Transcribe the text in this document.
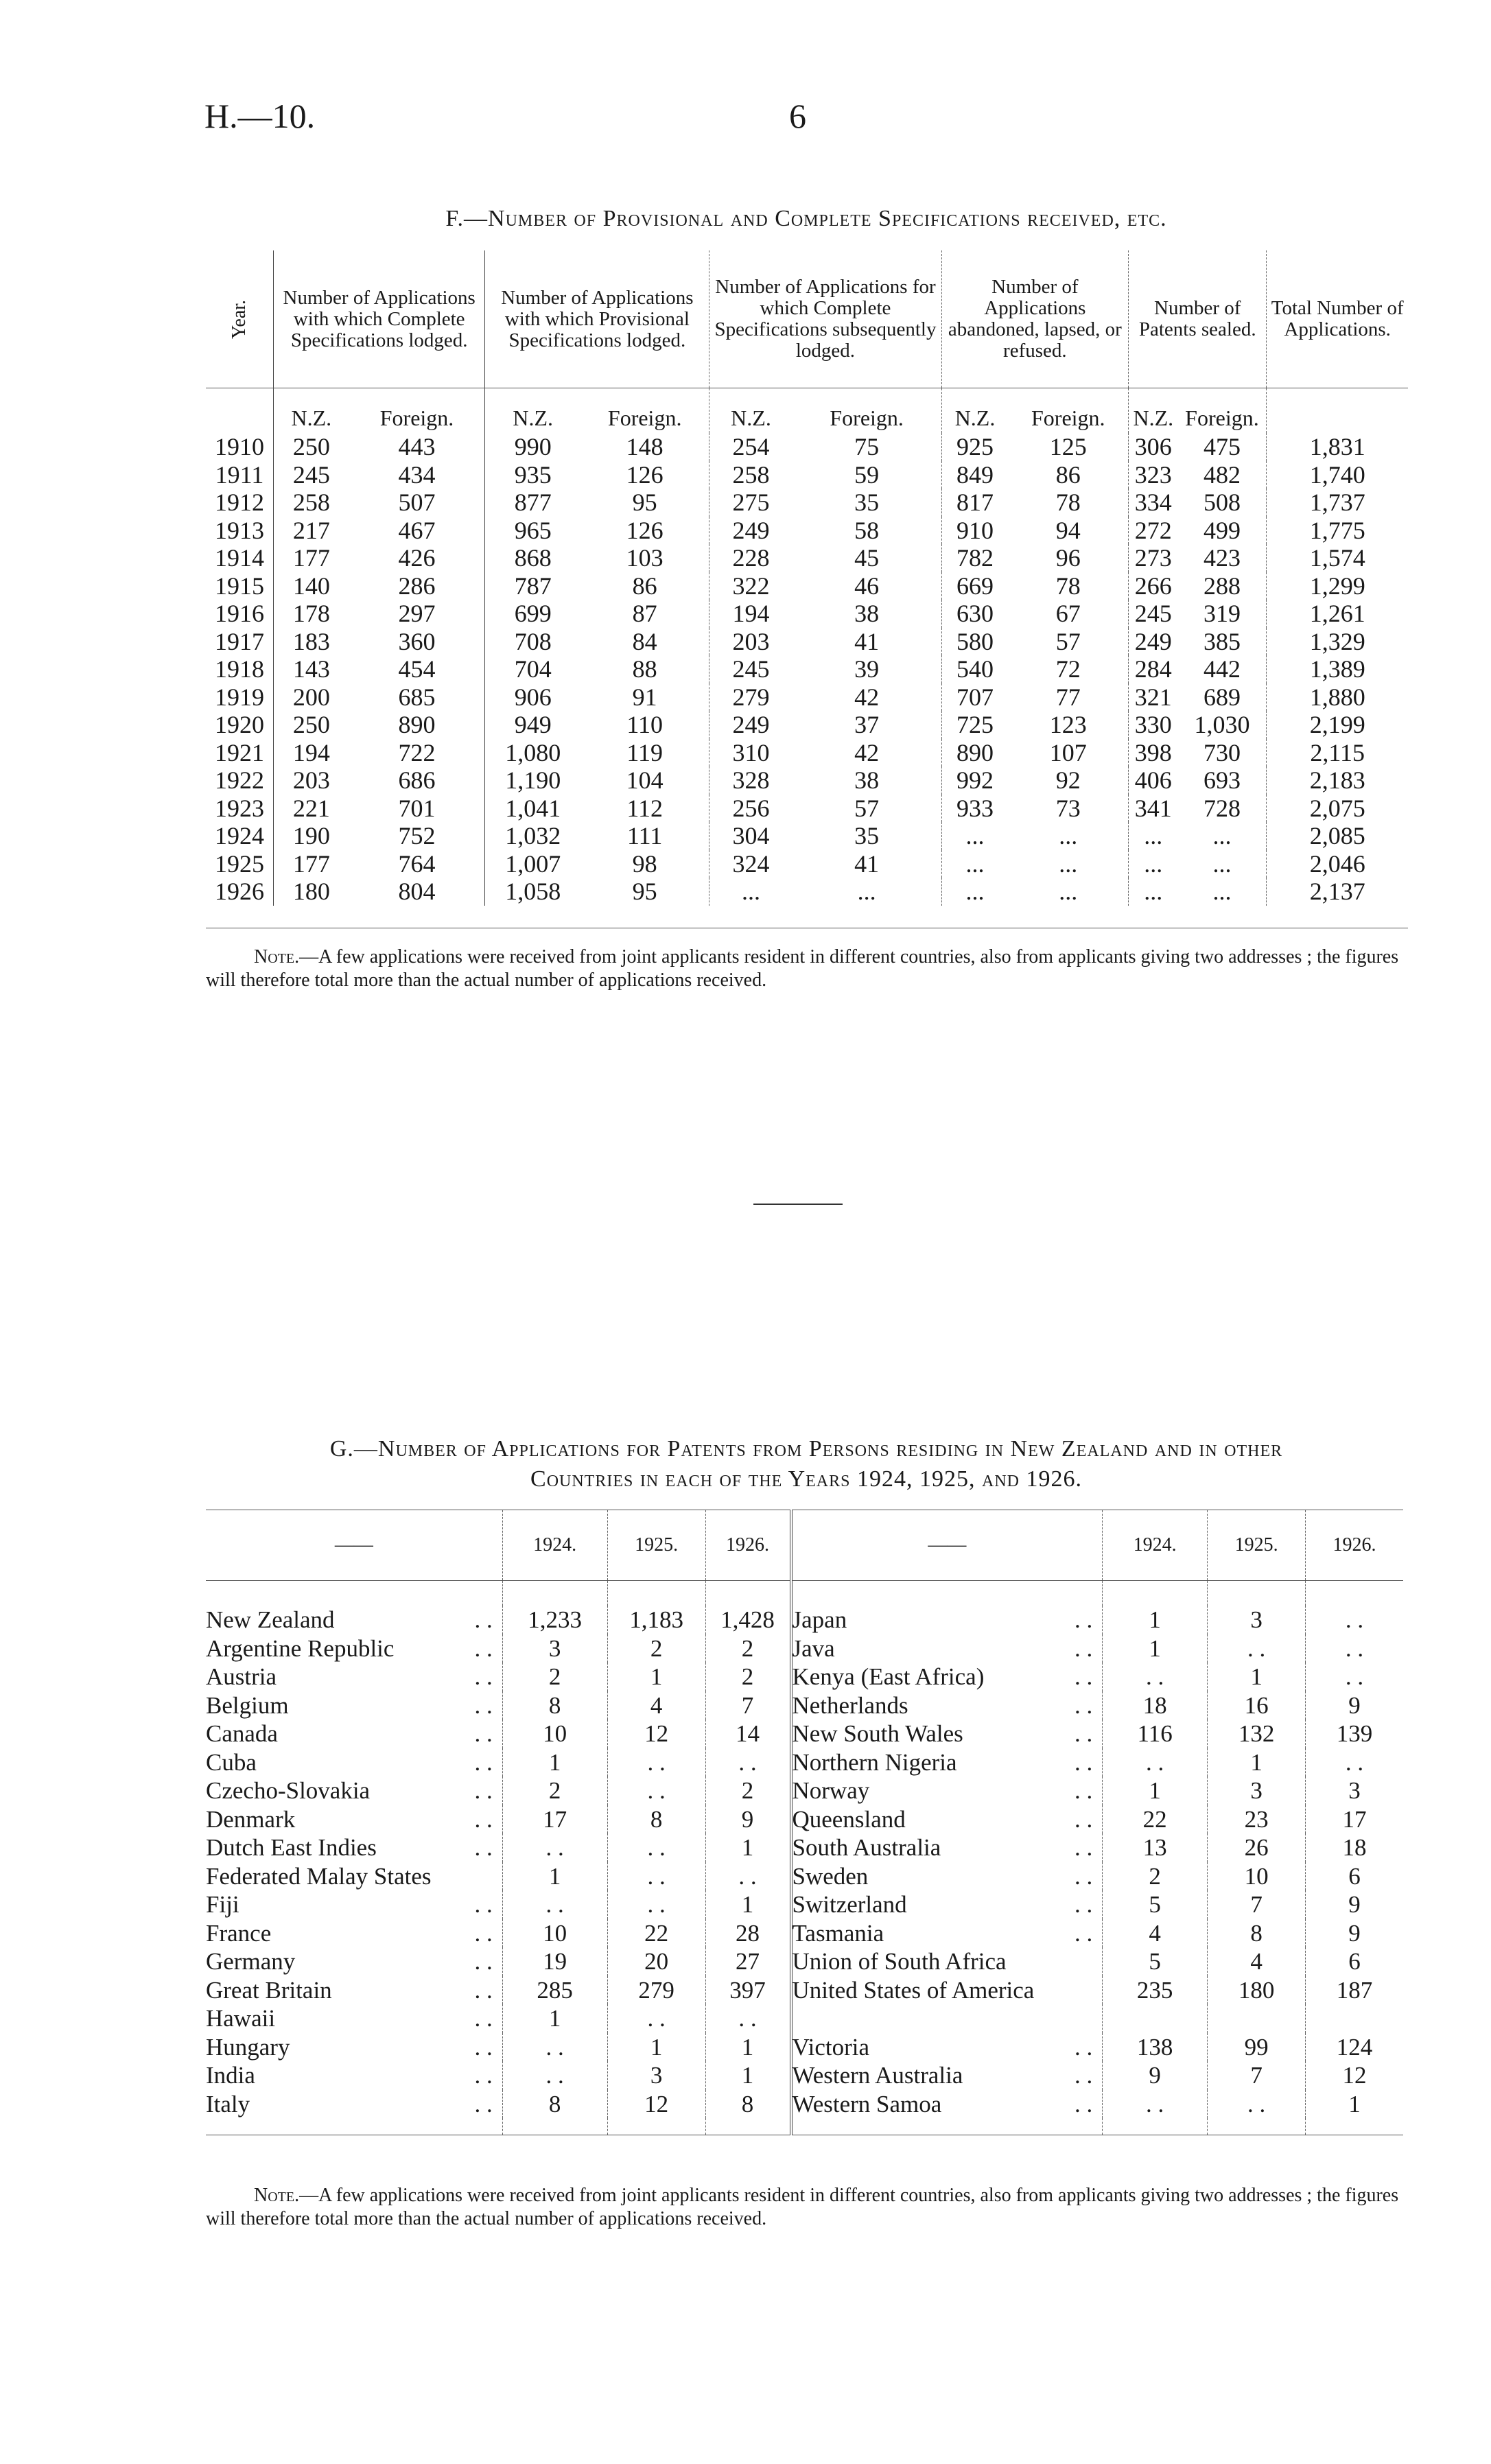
H.—10.	6
F.—Number of Provisional and Complete Specifications received, etc.
Year.	Number of Applications with which Complete Specifications lodged.		Number of Applications with which Provisional Specifications lodged.		Number of Applications for which Complete Specifications subsequently lodged.		Number of Applications abandoned, lapsed, or refused.		Number of Patents sealed.		Total Number of Applications.
	N.Z.	Foreign.	N.Z.	Foreign.	N.Z.	Foreign.	N.Z.	Foreign.	N.Z.	Foreign.	
1910	250	443	990	148	254	75	925	125	306	475	1,831
1911	245	434	935	126	258	59	849	86	323	482	1,740
1912	258	507	877	95	275	35	817	78	334	508	1,737
1913	217	467	965	126	249	58	910	94	272	499	1,775
1914	177	426	868	103	228	45	782	96	273	423	1,574
1915	140	286	787	86	322	46	669	78	266	288	1,299
1916	178	297	699	87	194	38	630	67	245	319	1,261
1917	183	360	708	84	203	41	580	57	249	385	1,329
1918	143	454	704	88	245	39	540	72	284	442	1,389
1919	200	685	906	91	279	42	707	77	321	689	1,880
1920	250	890	949	110	249	37	725	123	330	1,030	2,199
1921	194	722	1,080	119	310	42	890	107	398	730	2,115
1922	203	686	1,190	104	328	38	992	92	406	693	2,183
1923	221	701	1,041	112	256	57	933	73	341	728	2,075
1924	190	752	1,032	111	304	35	...	...	...	...	2,085
1925	177	764	1,007	98	324	41	...	...	...	...	2,046
1926	180	804	1,058	95	...	...	...	...	...	...	2,137

Note.—A few applications were received from joint applicants resident in different countries, also from applicants giving two addresses ; the figures will therefore total more than the actual number of applications received.
G.—Number of Applications for Patents from Persons residing in New Zealand and in other
Countries in each of the Years 1924, 1925, and 1926.
——	1924.	1925.	1926.	——	1924.	1925.	1926.

New Zealand . .	1,233	1,183	1,428	Japan . .	1	3	. .
Argentine Republic . .	3	2	2	Java . .	1	. .	. .
Austria . .	2	1	2	Kenya (East Africa) . .	. .	1	. .
Belgium . .	8	4	7	Netherlands . .	18	16	9
Canada . .	10	12	14	New South Wales . .	116	132	139
Cuba . .	1	. .	. .	Northern Nigeria . .	. .	1	. .
Czecho-Slovakia . .	2	. .	2	Norway . .	1	3	3
Denmark . .	17	8	9	Queensland . .	22	23	17
Dutch East Indies . .	. .	. .	1	South Australia . .	13	26	18
Federated Malay States	1	. .	. .	Sweden . .	2	10	6
Fiji . .	. .	. .	1	Switzerland . .	5	7	9
France . .	10	22	28	Tasmania . .	4	8	9
Germany . .	19	20	27	Union of South Africa	5	4	6
Great Britain . .	285	279	397	United States of America	235	180	187
Hawaii . .	1	. .	. .				
Hungary . .	. .	1	1	Victoria . .	138	99	124
India . .	. .	3	1	Western Australia . .	9	7	12
Italy . .	8	12	8	Western Samoa . .	. .	. .	1

Note.—A few applications were received from joint applicants resident in different countries, also from applicants giving two addresses ; the figures will therefore total more than the actual number of applications received.
